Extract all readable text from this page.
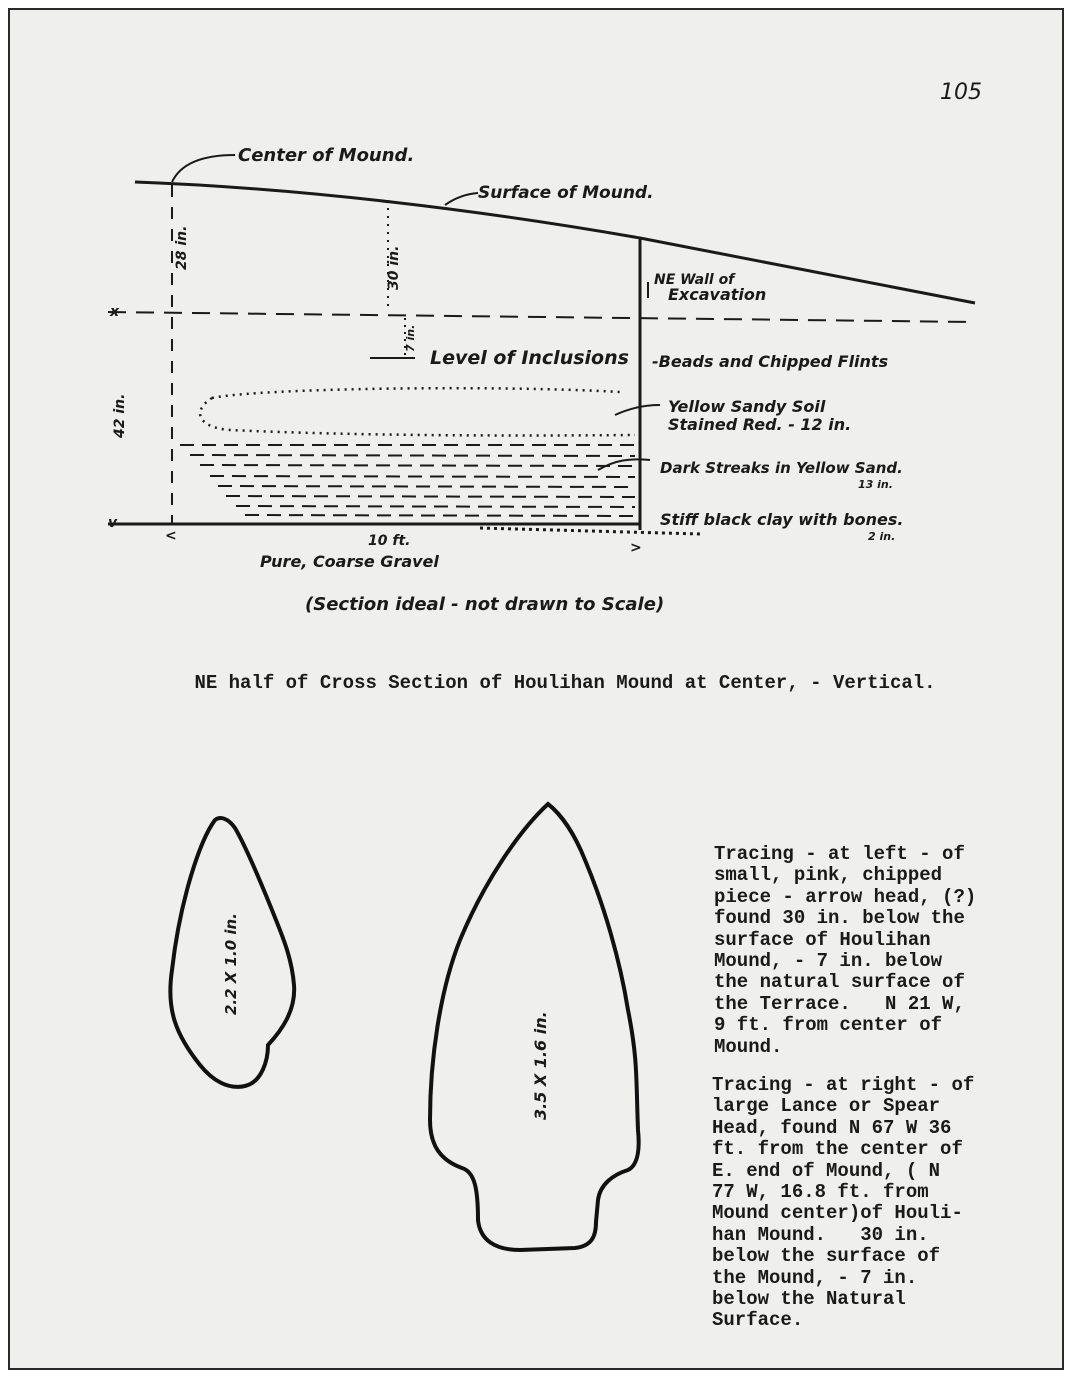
105
x
v
<
>
Center of Mound.
Surface of Mound.
NE Wall of
Excavation
28 in.	30 in.
7 in.
42 in.
Level of Inclusions -Beads and Chipped Flints
Yellow Sandy Soil
Stained Red. - 12 in.
Dark Streaks in Yellow Sand.
13 in.
Stiff black clay with bones.
2 in.
10 ft.
Pure, Coarse Gravel
(Section ideal - not drawn to Scale)
2.2 X 1.0 in.
3.5 X 1.6 in.
NE half of Cross Section of Houlihan Mound at Center, - Vertical.
Tracing - at left - of
small, pink, chipped
piece - arrow head, (?)
found 30 in. below the
surface of Houlihan
Mound, - 7 in. below
the natural surface of
the Terrace.   N 21 W,
9 ft. from center of
Mound.
Tracing - at right - of
large Lance or Spear
Head, found N 67 W 36
ft. from the center of
E. end of Mound, ( N
77 W, 16.8 ft. from
Mound center)of Houli-
han Mound.   30 in.
below the surface of
the Mound, - 7 in.
below the Natural
Surface.
